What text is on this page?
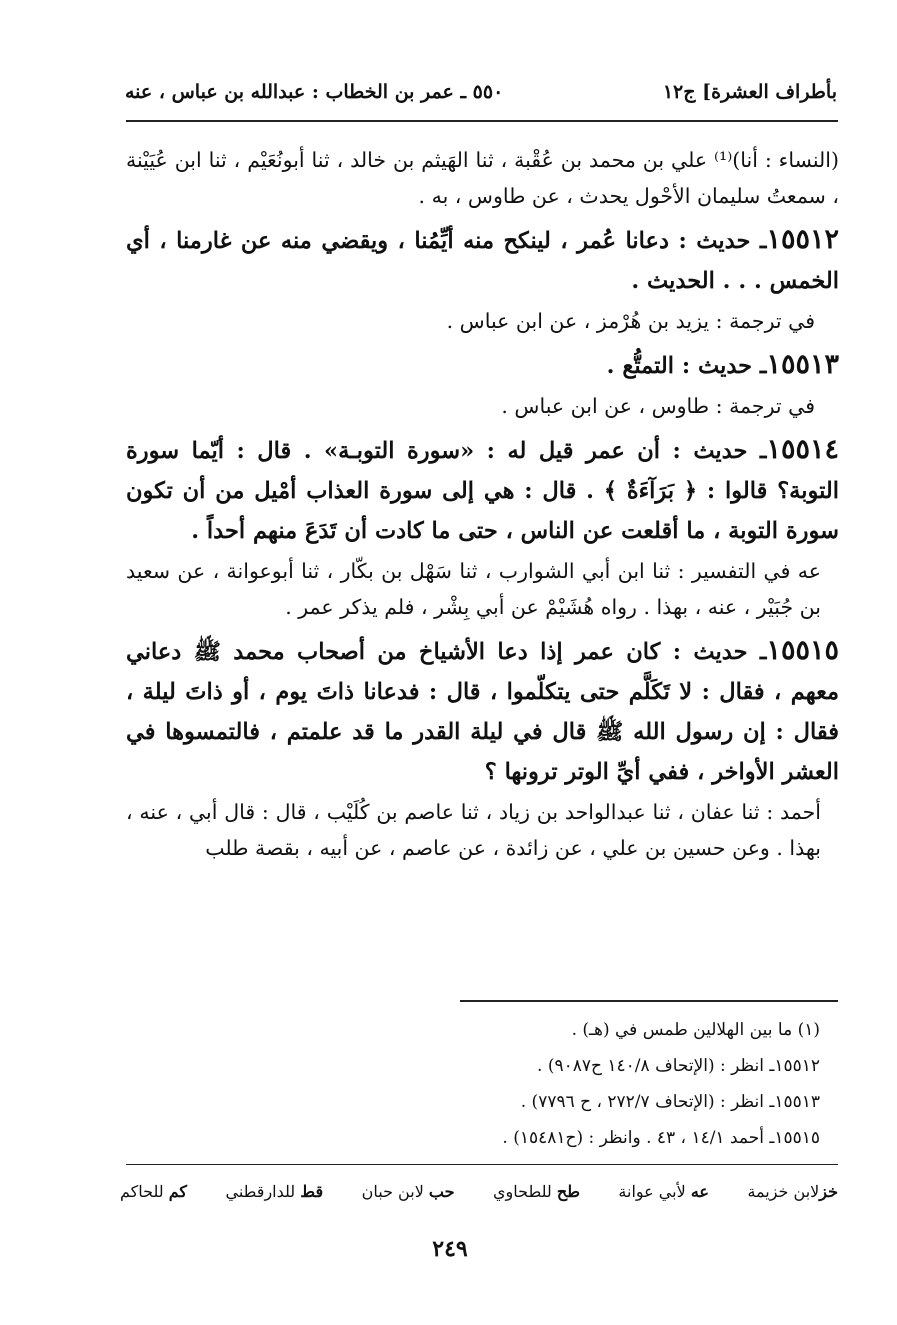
بأطراف العشرة] ج١٢
٥٥٠ ـ عمر بن الخطاب : عبدالله بن عباس ، عنه

(النساء : أنا)⁽¹⁾ علي بن محمد بن عُقْبة ، ثنا الهَيثم بن خالد ، ثنا أبونُعَيْم ، ثنا ابن عُيَيْنة ، سمعتُ سليمان الأحْول يحدث ، عن طاوس ، به .

١٥٥١٢ـ حديث : دعانا عُمر ، لينكح منه أيِّمُنا ، ويقضي منه عن غارمنا ، أي الخمس . . . الحديث .

في ترجمة : يزيد بن هُرْمز ، عن ابن عباس .

١٥٥١٣ـ حديث : التمتُّع .

في ترجمة : طاوس ، عن ابن عباس .

١٥٥١٤ـ حديث : أن عمر قيل له : «سورة التوبـة» . قال : أيّما سورة التوبة؟ قالوا : ﴿ بَرَآءَةٌ ﴾ . قال : هي إلى سورة العذاب أمْيل من أن تكون سورة التوبة ، ما أقلعت عن الناس ، حتى ما كادت أن تَدَعَ منهم أحداً .

عه في التفسير : ثنا ابن أبي الشوارب ، ثنا سَهْل بن بكّار ، ثنا أبوعوانة ، عن سعيد بن جُبَيْر ، عنه ، بهذا . رواه هُشَيْمْ عن أبي بِشْر ، فلم يذكر عمر .

١٥٥١٥ـ حديث : كان عمر إذا دعا الأشياخ من أصحاب محمد ﷺ دعاني معهم ، فقال : لا تَكَلَّم حتى يتكلّموا ، قال : فدعانا ذاتَ يوم ، أو ذاتَ ليلة ، فقال : إن رسول الله ﷺ قال في ليلة القدر ما قد علمتم ، فالتمسوها في العشر الأواخر ، ففي أيِّ الوتر ترونها ؟

أحمد : ثنا عفان ، ثنا عبدالواحد بن زياد ، ثنا عاصم بن كُلَيْب ، قال : قال أبي ، عنه ، بهذا . وعن حسين بن علي ، عن زائدة ، عن عاصم ، عن أبيه ، بقصة طلب

(١) ما بين الهلالين طمس في (هـ) .

١٥٥١٢ـ انظر : (الإتحاف ١٤٠/٨ ح٩٠٨٧) .

١٥٥١٣ـ انظر : (الإتحاف ٢٧٢/٧ ، ح ٧٧٩٦) .

١٥٥١٥ـ أحمد ١٤/١ ، ٤٣ . وانظر : (ح١٥٤٨١) .

خزلابن خزيمة
عه لأبي عوانة
طح للطحاوي
حب لابن حبان
قط للدارقطني
كم للحاكم
٢٤٩
